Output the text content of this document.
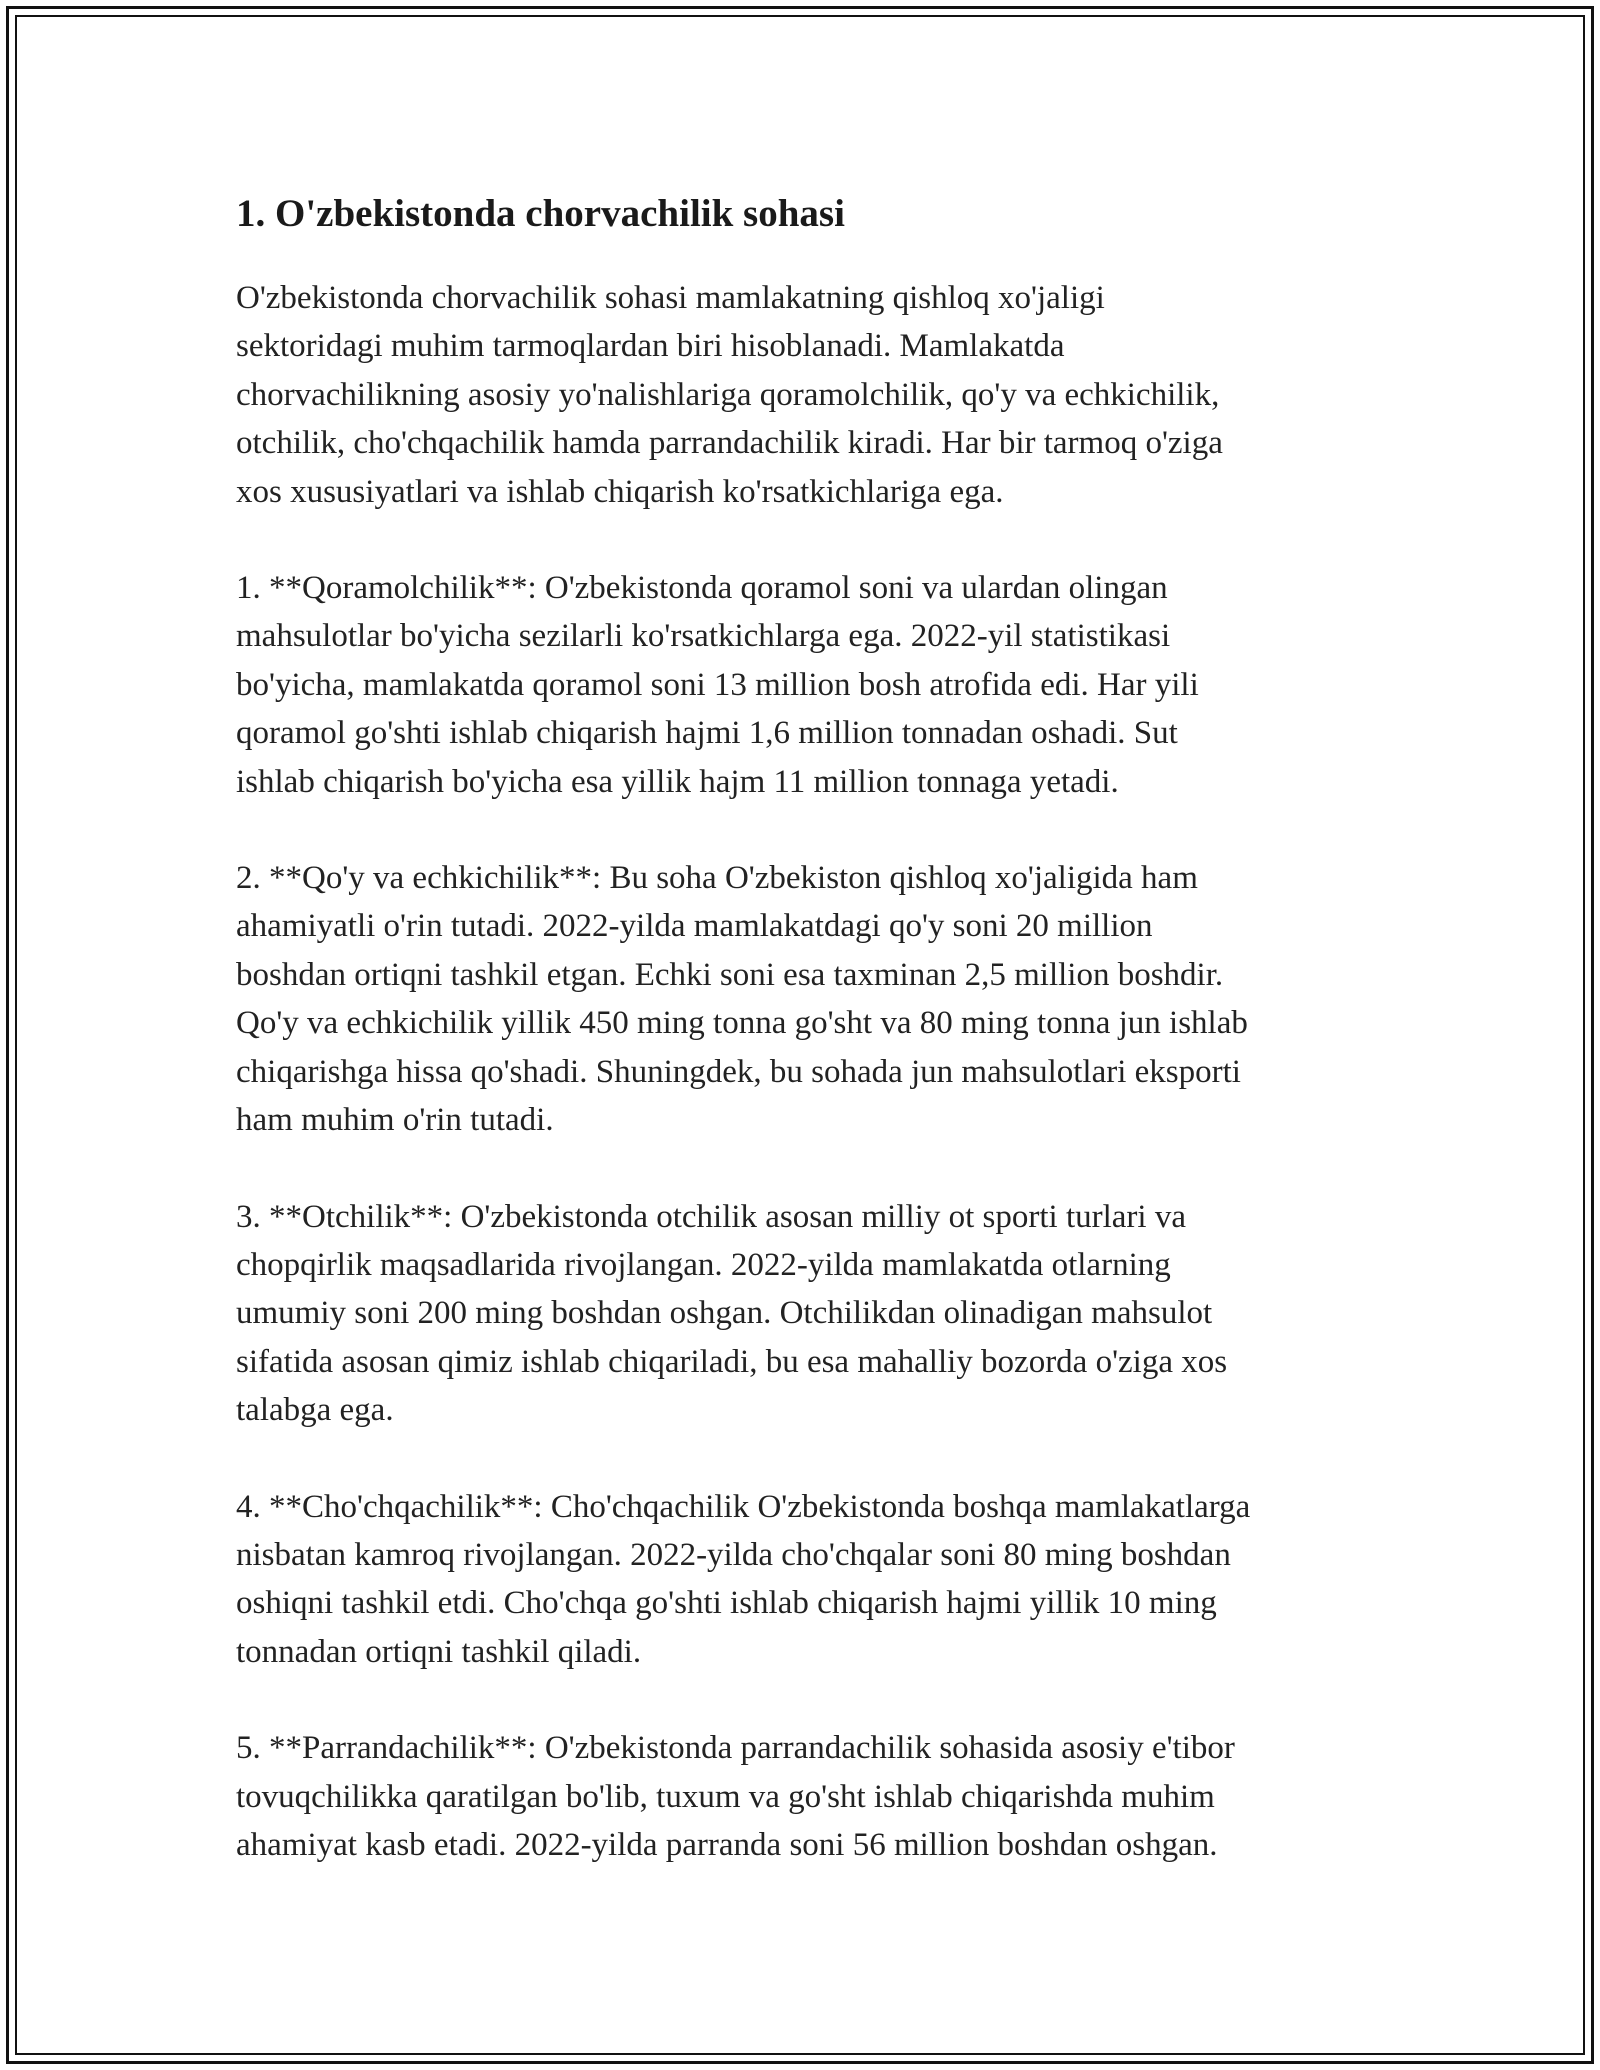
1. O'zbekistonda chorvachilik sohasi

O'zbekistonda chorvachilik sohasi mamlakatning qishloq xo'jaligi
sektoridagi muhim tarmoqlardan biri hisoblanadi. Mamlakatda
chorvachilikning asosiy yo'nalishlariga qoramolchilik, qo'y va echkichilik,
otchilik, cho'chqachilik hamda parrandachilik kiradi. Har bir tarmoq o'ziga
xos xususiyatlari va ishlab chiqarish ko'rsatkichlariga ega.

1. **Qoramolchilik**: O'zbekistonda qoramol soni va ulardan olingan
mahsulotlar bo'yicha sezilarli ko'rsatkichlarga ega. 2022-yil statistikasi
bo'yicha, mamlakatda qoramol soni 13 million bosh atrofida edi. Har yili
qoramol go'shti ishlab chiqarish hajmi 1,6 million tonnadan oshadi. Sut
ishlab chiqarish bo'yicha esa yillik hajm 11 million tonnaga yetadi.

2. **Qo'y va echkichilik**: Bu soha O'zbekiston qishloq xo'jaligida ham
ahamiyatli o'rin tutadi. 2022-yilda mamlakatdagi qo'y soni 20 million
boshdan ortiqni tashkil etgan. Echki soni esa taxminan 2,5 million boshdir.
Qo'y va echkichilik yillik 450 ming tonna go'sht va 80 ming tonna jun ishlab
chiqarishga hissa qo'shadi. Shuningdek, bu sohada jun mahsulotlari eksporti
ham muhim o'rin tutadi.

3. **Otchilik**: O'zbekistonda otchilik asosan milliy ot sporti turlari va
chopqirlik maqsadlarida rivojlangan. 2022-yilda mamlakatda otlarning
umumiy soni 200 ming boshdan oshgan. Otchilikdan olinadigan mahsulot
sifatida asosan qimiz ishlab chiqariladi, bu esa mahalliy bozorda o'ziga xos
talabga ega.

4. **Cho'chqachilik**: Cho'chqachilik O'zbekistonda boshqa mamlakatlarga
nisbatan kamroq rivojlangan. 2022-yilda cho'chqalar soni 80 ming boshdan
oshiqni tashkil etdi. Cho'chqa go'shti ishlab chiqarish hajmi yillik 10 ming
tonnadan ortiqni tashkil qiladi.

5. **Parrandachilik**: O'zbekistonda parrandachilik sohasida asosiy e'tibor
tovuqchilikka qaratilgan bo'lib, tuxum va go'sht ishlab chiqarishda muhim
ahamiyat kasb etadi. 2022-yilda parranda soni 56 million boshdan oshgan.
